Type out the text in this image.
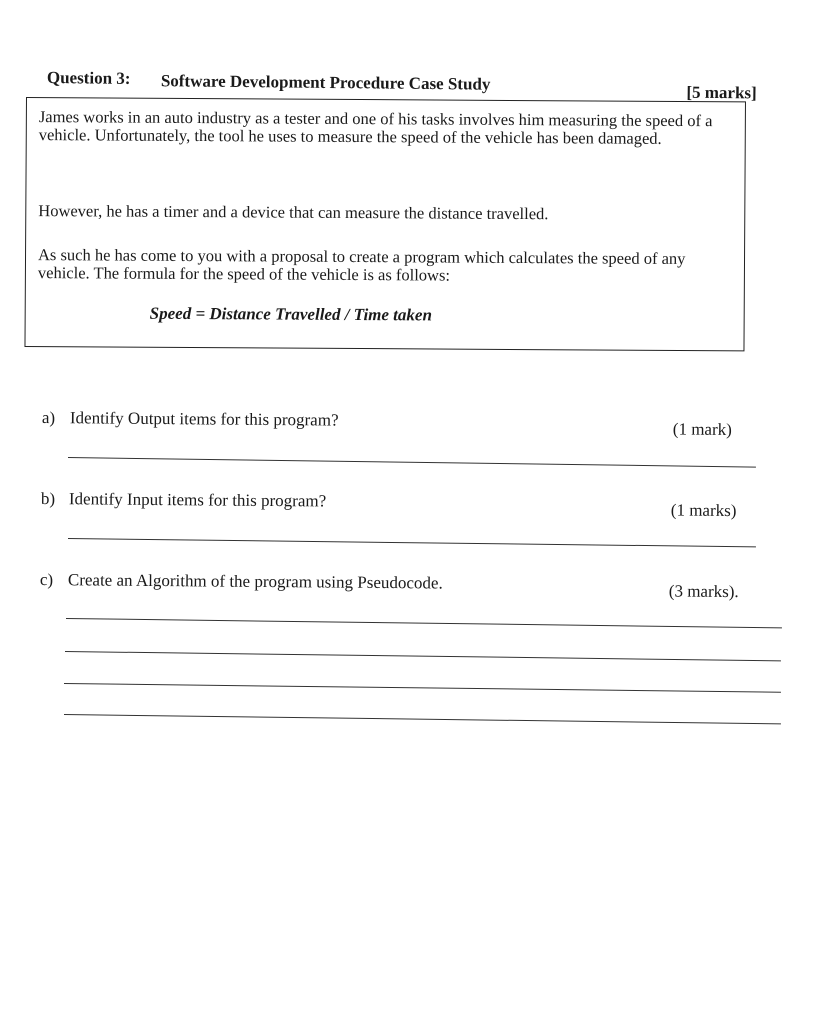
Question 3: Software Development Procedure Case Study	[5 marks]

James works in an auto industry as a tester and one of his tasks involves him measuring the speed of a vehicle. Unfortunately, the tool he uses to measure the speed of the vehicle has been damaged.

However, he has a timer and a device that can measure the distance travelled.

As such he has come to you with a proposal to create a program which calculates the speed of any vehicle. The formula for the speed of the vehicle is as follows:

Speed = Distance Travelled / Time taken
a) Identify Output items for this program?	(1 mark)
b) Identify Input items for this program?	(1 marks)
c) Create an Algorithm of the program using Pseudocode.	(3 marks).
